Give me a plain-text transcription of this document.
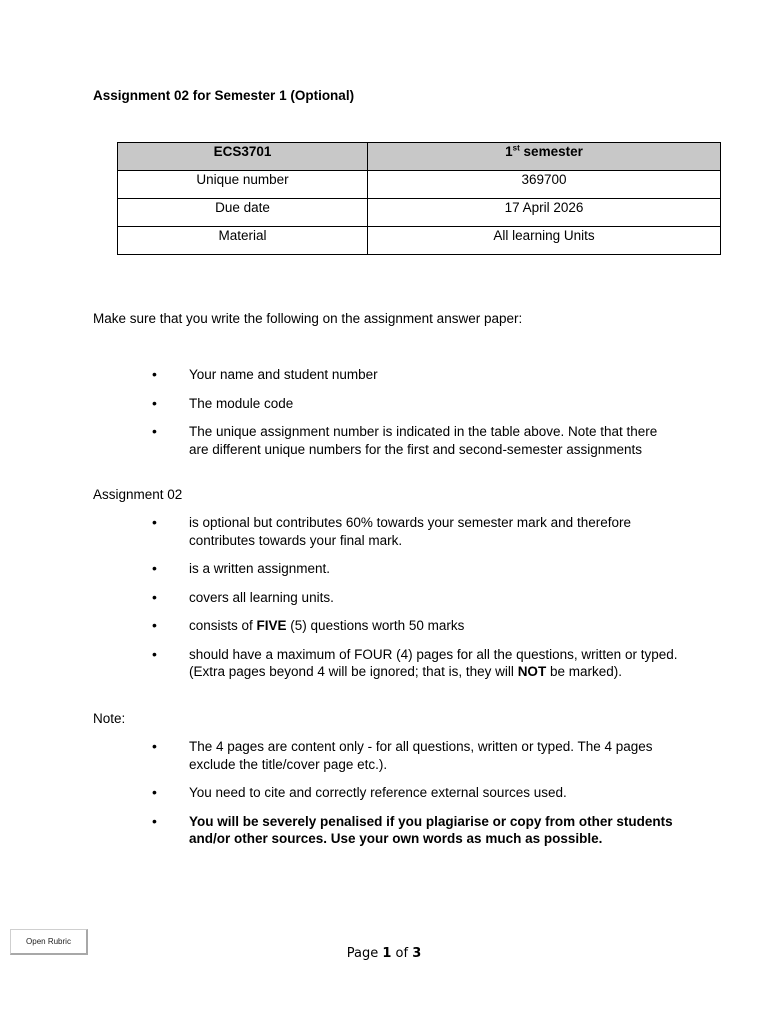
Assignment 02 for Semester 1 (Optional)

ECS3701	1st semester
Unique number	369700
Due date	17 April 2026
Material	All learning Units

Make sure that you write the following on the assignment answer paper:

• Your name and student number
• The module code
• The unique assignment number is indicated in the table above. Note that there are different unique numbers for the first and second-semester assignments

Assignment 02

• is optional but contributes 60% towards your semester mark and therefore contributes towards your final mark.
• is a written assignment.
• covers all learning units.
• consists of FIVE (5) questions worth 50 marks
• should have a maximum of FOUR (4) pages for all the questions, written or typed. (Extra pages beyond 4 will be ignored; that is, they will NOT be marked).

Note:

• The 4 pages are content only - for all questions, written or typed. The 4 pages exclude the title/cover page etc.).
• You need to cite and correctly reference external sources used.
• You will be severely penalised if you plagiarise or copy from other students and/or other sources. Use your own words as much as possible.
Open Rubric
Page 1 of 3
